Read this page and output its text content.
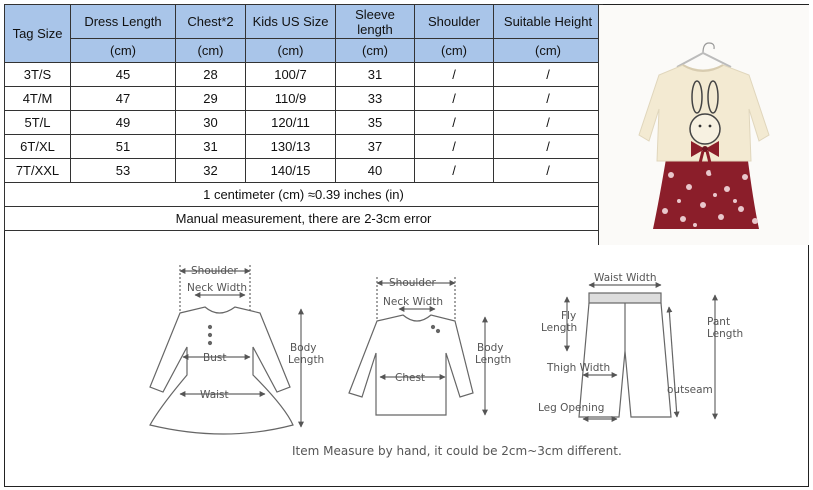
Tag Size	Dress Length	Chest*2	Kids US Size	Sleeve length	Shoulder	Suitable Height
	(cm)	(cm)	(cm)	(cm)	(cm)	(cm)
3T/S	45	28	100/7	31	/	/
4T/M	47	29	110/9	33	/	/
5T/L	49	30	120/11	35	/	/
6T/XL	51	31	130/13	37	/	/
7T/XXL	53	32	140/15	40	/	/
1 centimeter (cm) ≈0.39 inches (in)						
Manual measurement, there are 2-3cm error						
Shoulder
Neck Width
Bust
Waist
Body
Length
Shoulder
Neck Width
Chest
Body
Length
Waist Width
Fly
Length	Pant
Length
Thigh Width
outseam
Leg Opening
Item Measure by hand, it could be 2cm~3cm different.
